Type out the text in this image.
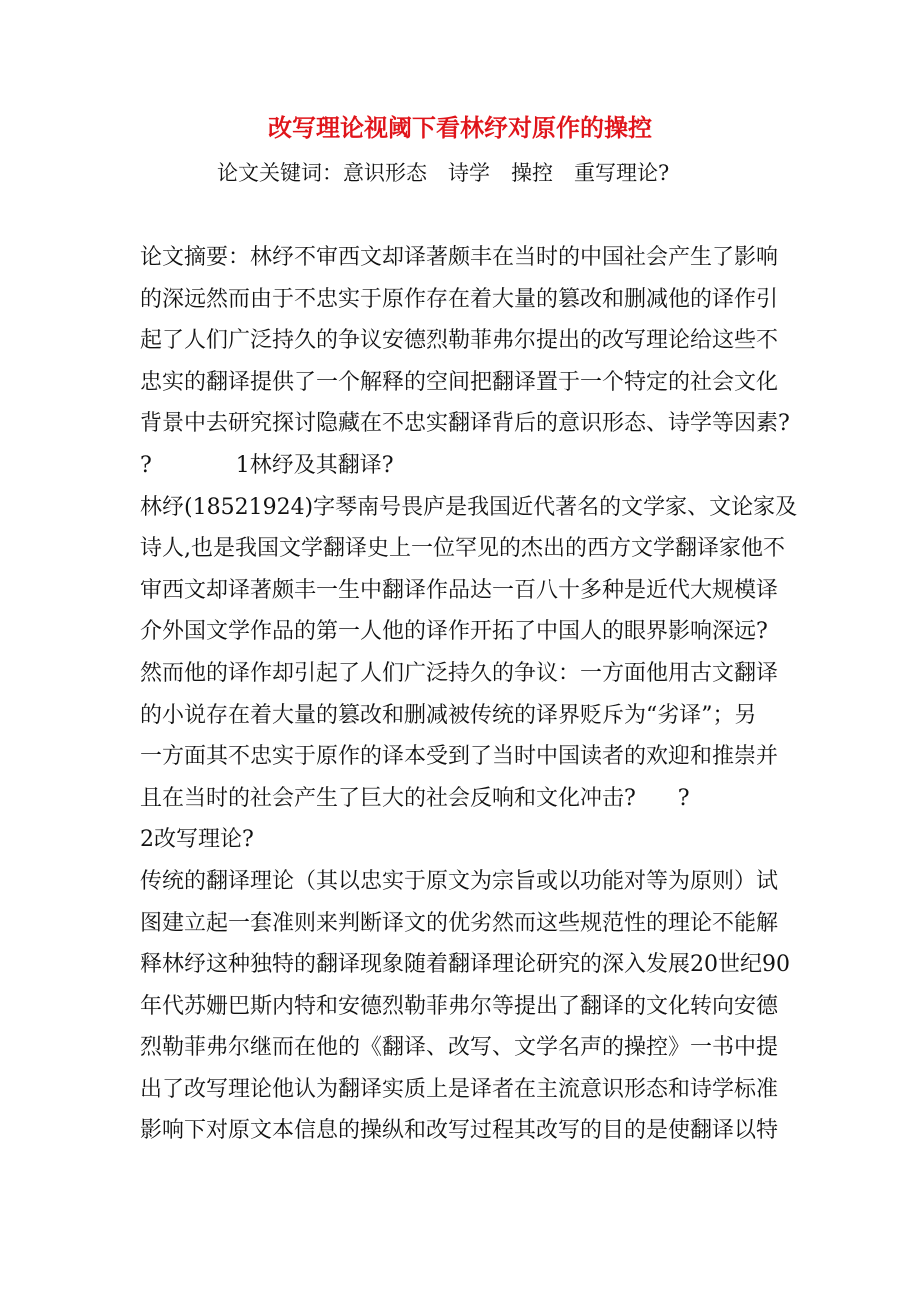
改写理论视阈下看林纾对原作的操控
论文关键词：意识形态　诗学　操控　重写理论?
论文摘要：林纾不审西文却译著颇丰在当时的中国社会产生了影响
的深远然而由于不忠实于原作存在着大量的篡改和删减他的译作引
起了人们广泛持久的争议安德烈勒菲弗尔提出的改写理论给这些不
忠实的翻译提供了一个解释的空间把翻译置于一个特定的社会文化
背景中去研究探讨隐藏在不忠实翻译背后的意识形态、诗学等因素?
?            1林纾及其翻译?
林纾(18521924)字琴南号畏庐是我国近代著名的文学家、文论家及
诗人,也是我国文学翻译史上一位罕见的杰出的西方文学翻译家他不
审西文却译著颇丰一生中翻译作品达一百八十多种是近代大规模译
介外国文学作品的第一人他的译作开拓了中国人的眼界影响深远?
然而他的译作却引起了人们广泛持久的争议：一方面他用古文翻译
的小说存在着大量的篡改和删减被传统的译界贬斥为“劣译”；另
一方面其不忠实于原作的译本受到了当时中国读者的欢迎和推崇并
且在当时的社会产生了巨大的社会反响和文化冲击?      ?
2改写理论?
传统的翻译理论（其以忠实于原文为宗旨或以功能对等为原则）试
图建立起一套准则来判断译文的优劣然而这些规范性的理论不能解
释林纾这种独特的翻译现象随着翻译理论研究的深入发展20世纪90
年代苏姗巴斯内特和安德烈勒菲弗尔等提出了翻译的文化转向安德
烈勒菲弗尔继而在他的《翻译、改写、文学名声的操控》一书中提
出了改写理论他认为翻译实质上是译者在主流意识形态和诗学标准
影响下对原文本信息的操纵和改写过程其改写的目的是使翻译以特
